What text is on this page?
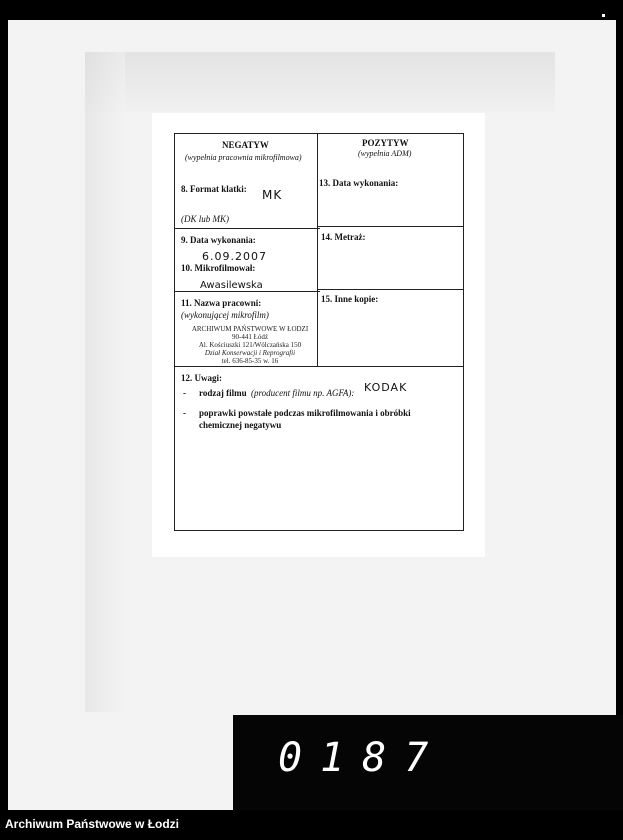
NEGATYW
(wypełnia pracownia mikrofilmowa)
POZYTYW
(wypełnia ADM)
8. Format klatki: MK
(DK lub MK)
13. Data wykonania:
9. Data wykonania:
6.09.2007
10. Mikrofilmował:
Awasilewska
14. Metraż:
11. Nazwa pracowni:
(wykonującej mikrofilm)
ARCHIWUM PAŃSTWOWE W ŁODZI
90-441 Łódź
Al. Kościuszki 121/Wólczańska 150
Dział Konserwacji i Reprografii
tel. 636-85-35 w. 16
15. Inne kopie:
12. Uwagi:
- rodzaj filmu (producent filmu np. AGFA): KODAK
- poprawki powstałe podczas mikrofilmowania i obróbki
chemicznej negatywu
0187
Archiwum Państwowe w Łodzi
